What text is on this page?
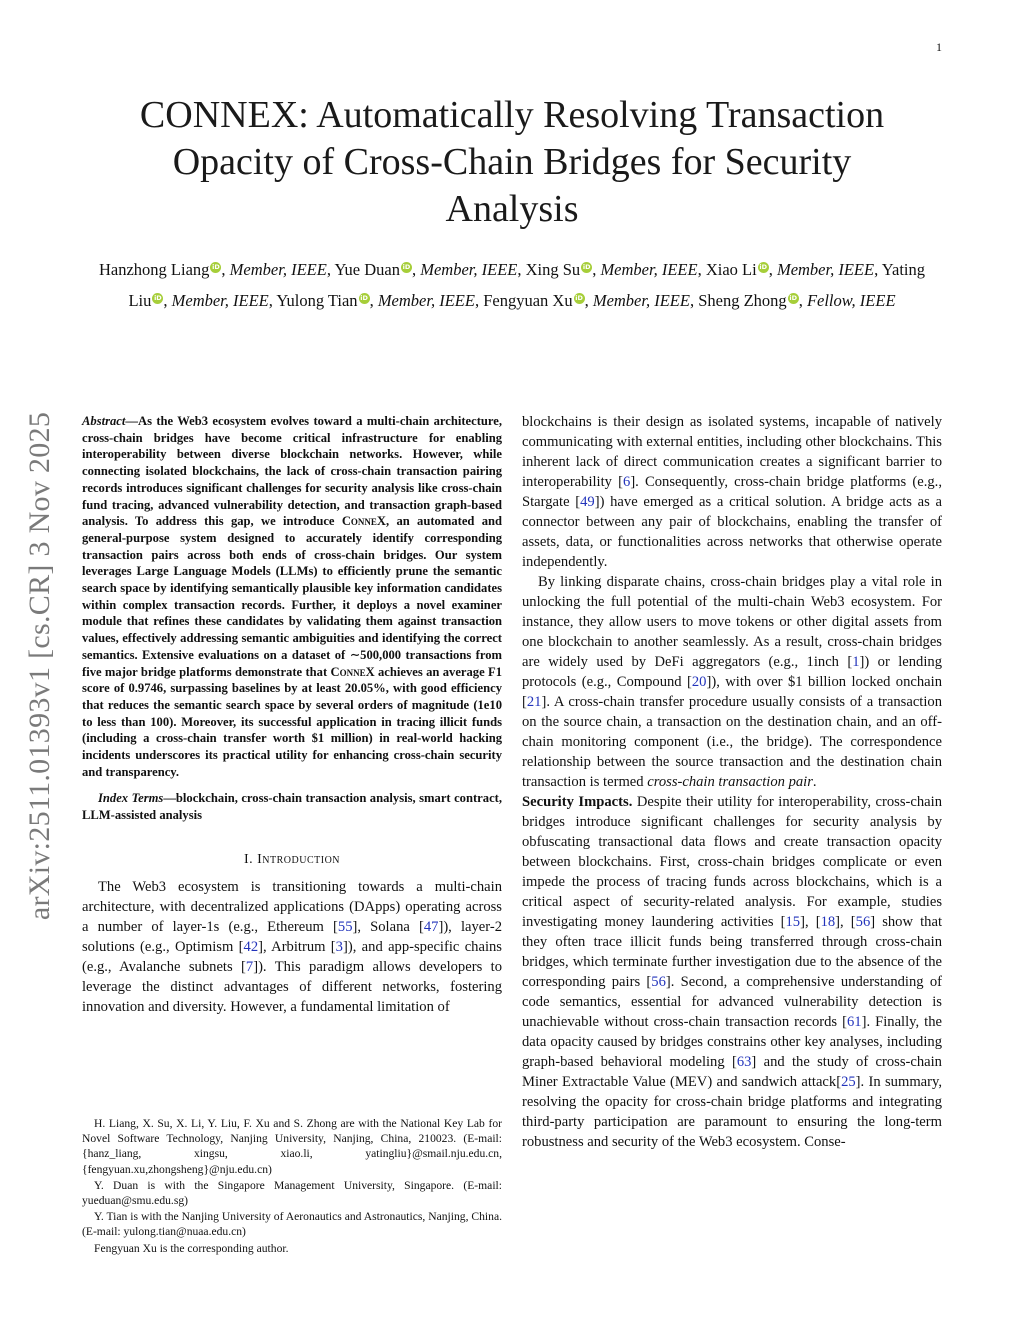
1
arXiv:2511.01393v1 [cs.CR] 3 Nov 2025
CONNEX: Automatically Resolving Transaction
Opacity of Cross-Chain Bridges for Security
Analysis
Hanzhong Liang iD , Member, IEEE, Yue Duan iD , Member, IEEE, Xing Su iD , Member, IEEE, Xiao Li iD , Member, IEEE, Yating Liu iD , Member, IEEE, Yulong Tian iD , Member, IEEE, Fengyuan Xu iD , Member, IEEE, Sheng Zhong iD , Fellow, IEEE
Abstract—As the Web3 ecosystem evolves toward a multi-chain architecture, cross-chain bridges have become critical infrastructure for enabling interoperability between diverse blockchain networks. However, while connecting isolated blockchains, the lack of cross-chain transaction pairing records introduces significant challenges for security analysis like cross-chain fund tracing, advanced vulnerability detection, and transaction graph-based analysis. To address this gap, we introduce ConneX, an automated and general-purpose system designed to accurately identify corresponding transaction pairs across both ends of cross-chain bridges. Our system leverages Large Language Models (LLMs) to efficiently prune the semantic search space by identifying semantically plausible key information candidates within complex transaction records. Further, it deploys a novel examiner module that refines these candidates by validating them against transaction values, effectively addressing semantic ambiguities and identifying the correct semantics. Extensive evaluations on a dataset of ∼500,000 transactions from five major bridge platforms demonstrate that ConneX achieves an average F1 score of 0.9746, surpassing baselines by at least 20.05%, with good efficiency that reduces the semantic search space by several orders of magnitude (1e10 to less than 100). Moreover, its successful application in tracing illicit funds (including a cross-chain transfer worth $1 million) in real-world hacking incidents underscores its practical utility for enhancing cross-chain security and transparency.
Index Terms—blockchain, cross-chain transaction analysis, smart contract, LLM-assisted analysis
I. Introduction

The Web3 ecosystem is transitioning towards a multi-chain architecture, with decentralized applications (DApps) operating across a number of layer-1s (e.g., Ethereum [55], Solana [47]), layer-2 solutions (e.g., Optimism [42], Arbitrum [3]), and app-specific chains (e.g., Avalanche subnets [7]). This paradigm allows developers to leverage the distinct advantages of different networks, fostering innovation and diversity. However, a fundamental limitation of

H. Liang, X. Su, X. Li, Y. Liu, F. Xu and S. Zhong are with the National Key Lab for Novel Software Technology, Nanjing University, Nanjing, China, 210023. (E-mail: {hanz_liang, xingsu, xiao.li, yatingliu}@smail.nju.edu.cn, {fengyuan.xu,zhongsheng}@nju.edu.cn)

Y. Duan is with the Singapore Management University, Singapore. (E-mail: yueduan@smu.edu.sg)

Y. Tian is with the Nanjing University of Aeronautics and Astronautics, Nanjing, China. (E-mail: yulong.tian@nuaa.edu.cn)

Fengyuan Xu is the corresponding author.

blockchains is their design as isolated systems, incapable of natively communicating with external entities, including other blockchains. This inherent lack of direct communication creates a significant barrier to interoperability [6]. Consequently, cross-chain bridge platforms (e.g., Stargate [49]) have emerged as a critical solution. A bridge acts as a connector between any pair of blockchains, enabling the transfer of assets, data, or functionalities across networks that otherwise operate independently.

By linking disparate chains, cross-chain bridges play a vital role in unlocking the full potential of the multi-chain Web3 ecosystem. For instance, they allow users to move tokens or other digital assets from one blockchain to another seamlessly. As a result, cross-chain bridges are widely used by DeFi aggregators (e.g., 1inch [1]) or lending protocols (e.g., Compound [20]), with over $1 billion locked onchain [21]. A cross-chain transfer procedure usually consists of a transaction on the source chain, a transaction on the destination chain, and an off-chain monitoring component (i.e., the bridge). The correspondence relationship between the source transaction and the destination chain transaction is termed cross-chain transaction pair.

Security Impacts. Despite their utility for interoperability, cross-chain bridges introduce significant challenges for security analysis by obfuscating transactional data flows and create transaction opacity between blockchains. First, cross-chain bridges complicate or even impede the process of tracing funds across blockchains, which is a critical aspect of security-related analysis. For example, studies investigating money laundering activities [15], [18], [56] show that they often trace illicit funds being transferred through cross-chain bridges, which terminate further investigation due to the absence of the corresponding pairs [56]. Second, a comprehensive understanding of code semantics, essential for advanced vulnerability detection is unachievable without cross-chain transaction records [61]. Finally, the data opacity caused by bridges constrains other key analyses, including graph-based behavioral modeling [63] and the study of cross-chain Miner Extractable Value (MEV) and sandwich attack[25]. In summary, resolving the opacity for cross-chain bridge platforms and integrating third-party participation are paramount to ensuring the long-term robustness and security of the Web3 ecosystem. Conse-
